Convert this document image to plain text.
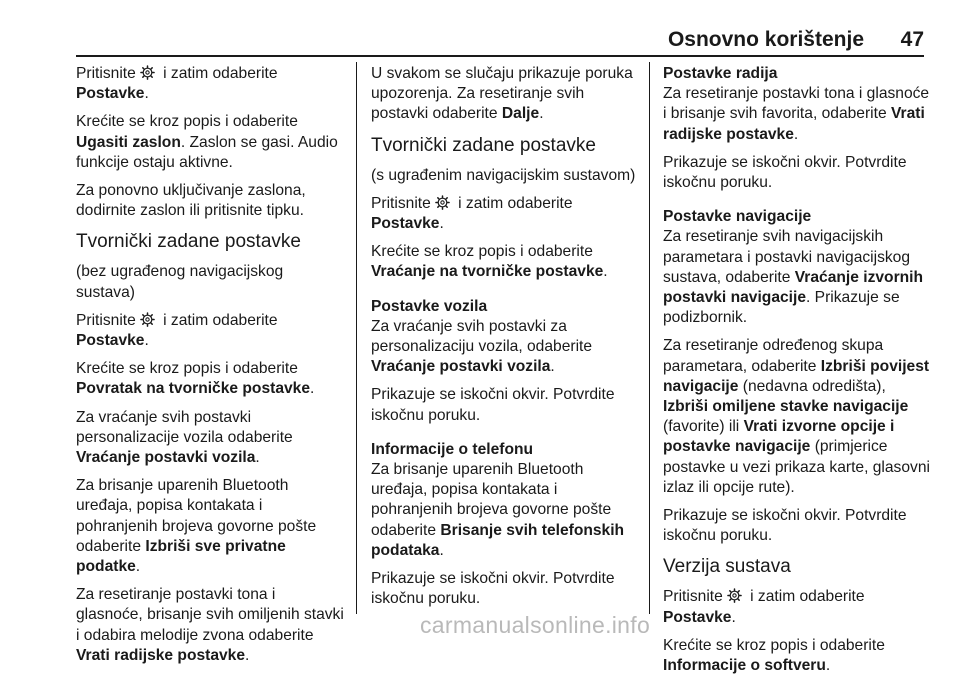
Osnovno korištenje 47

Pritisnite i zatim odaberite
Postavke.

Krećite se kroz popis i odaberite Ugasiti zaslon. Zaslon se gasi. Audio funkcije ostaju aktivne.

Za ponovno uključivanje zaslona, dodirnite zaslon ili pritisnite tipku.

Tvornički zadane postavke

(bez ugrađenog navigacijskog sustava)

Pritisnite i zatim odaberite
Postavke.

Krećite se kroz popis i odaberite Povratak na tvorničke postavke.

Za vraćanje svih postavki personalizacije vozila odaberite Vraćanje postavki vozila.

Za brisanje uparenih Bluetooth uređaja, popisa kontakata i pohranjenih brojeva govorne pošte odaberite Izbriši sve privatne podatke.

Za resetiranje postavki tona i glasnoće, brisanje svih omiljenih stavki i odabira melodije zvona odaberite Vrati radijske postavke.

U svakom se slučaju prikazuje poruka upozorenja. Za resetiranje svih postavki odaberite Dalje.

Tvornički zadane postavke

(s ugrađenim navigacijskim sustavom)

Pritisnite i zatim odaberite
Postavke.

Krećite se kroz popis i odaberite Vraćanje na tvorničke postavke.

Postavke vozila

Za vraćanje svih postavki za personalizaciju vozila, odaberite Vraćanje postavki vozila.

Prikazuje se iskočni okvir. Potvrdite iskočnu poruku.

Informacije o telefonu

Za brisanje uparenih Bluetooth uređaja, popisa kontakata i pohranjenih brojeva govorne pošte odaberite Brisanje svih telefonskih podataka.

Prikazuje se iskočni okvir. Potvrdite iskočnu poruku.

Postavke radija

Za resetiranje postavki tona i glasnoće i brisanje svih favorita, odaberite Vrati radijske postavke.

Prikazuje se iskočni okvir. Potvrdite iskočnu poruku.

Postavke navigacije

Za resetiranje svih navigacijskih parametara i postavki navigacijskog sustava, odaberite Vraćanje izvornih postavki navigacije. Prikazuje se podizbornik.

Za resetiranje određenog skupa parametara, odaberite Izbriši povijest navigacije (nedavna odredišta), Izbriši omiljene stavke navigacije (favorite) ili Vrati izvorne opcije i postavke navigacije (primjerice postavke u vezi prikaza karte, glasovni izlaz ili opcije rute).

Prikazuje se iskočni okvir. Potvrdite iskočnu poruku.

Verzija sustava

Pritisnite i zatim odaberite
Postavke.

Krećite se kroz popis i odaberite Informacije o softveru.

carmanualsonline.info
